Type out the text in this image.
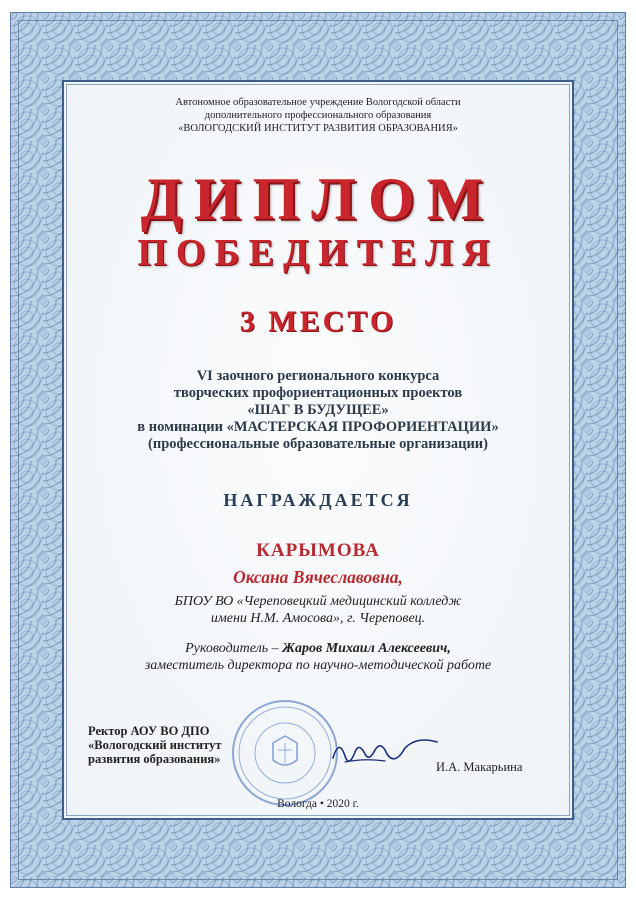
Автономное образовательное учреждение Вологодской области
дополнительного профессионального образования
«ВОЛОГОДСКИЙ ИНСТИТУТ РАЗВИТИЯ ОБРАЗОВАНИЯ»
ДИПЛОМ
ПОБЕДИТЕЛЯ
3 МЕСТО
VI заочного регионального конкурса
творческих профориентационных проектов
«ШАГ В БУДУЩЕЕ»
в номинации «МАСТЕРСКАЯ ПРОФОРИЕНТАЦИИ»
(профессиональные образовательные организации)
НАГРАЖДАЕТСЯ
КАРЫМОВА
Оксана Вячеславовна,
БПОУ ВО «Череповецкий медицинский колледж
имени Н.М. Амосова», г. Череповец.
Руководитель – Жаров Михаил Алексеевич,
заместитель директора по научно-методической работе
Ректор АОУ ВО ДПО
«Вологодский институт
развития образования»
И.А. Макарьина
Вологда • 2020 г.
